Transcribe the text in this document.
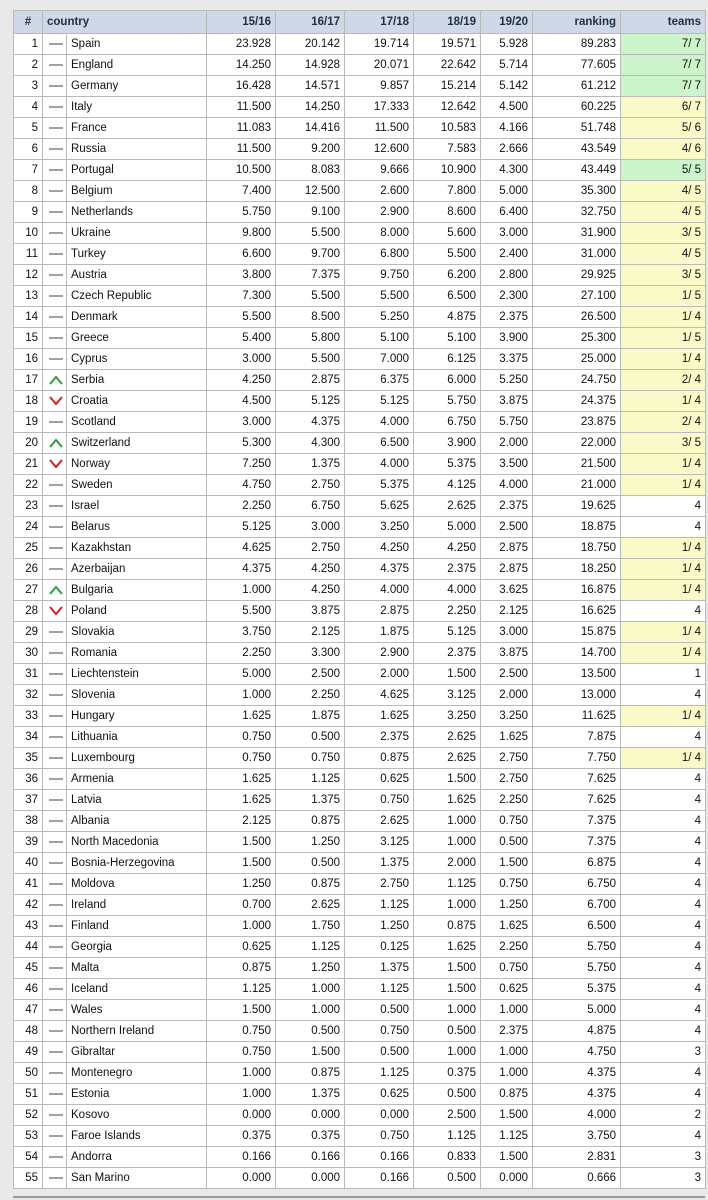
#	country		15/16	16/17	17/18	18/19	19/20	ranking	teams
1		Spain	23.928	20.142	19.714	19.571	5.928	89.283	7/ 7
2		England	14.250	14.928	20.071	22.642	5.714	77.605	7/ 7
3		Germany	16.428	14.571	9.857	15.214	5.142	61.212	7/ 7
4		Italy	11.500	14.250	17.333	12.642	4.500	60.225	6/ 7
5		France	11.083	14.416	11.500	10.583	4.166	51.748	5/ 6
6		Russia	11.500	9.200	12.600	7.583	2.666	43.549	4/ 6
7		Portugal	10.500	8.083	9.666	10.900	4.300	43.449	5/ 5
8		Belgium	7.400	12.500	2.600	7.800	5.000	35.300	4/ 5
9		Netherlands	5.750	9.100	2.900	8.600	6.400	32.750	4/ 5
10		Ukraine	9.800	5.500	8.000	5.600	3.000	31.900	3/ 5
11		Turkey	6.600	9.700	6.800	5.500	2.400	31.000	4/ 5
12		Austria	3.800	7.375	9.750	6.200	2.800	29.925	3/ 5
13		Czech Republic	7.300	5.500	5.500	6.500	2.300	27.100	1/ 5
14		Denmark	5.500	8.500	5.250	4.875	2.375	26.500	1/ 4
15		Greece	5.400	5.800	5.100	5.100	3.900	25.300	1/ 5
16		Cyprus	3.000	5.500	7.000	6.125	3.375	25.000	1/ 4
17		Serbia	4.250	2.875	6.375	6.000	5.250	24.750	2/ 4
18		Croatia	4.500	5.125	5.125	5.750	3.875	24.375	1/ 4
19		Scotland	3.000	4.375	4.000	6.750	5.750	23.875	2/ 4
20		Switzerland	5.300	4.300	6.500	3.900	2.000	22.000	3/ 5
21		Norway	7.250	1.375	4.000	5.375	3.500	21.500	1/ 4
22		Sweden	4.750	2.750	5.375	4.125	4.000	21.000	1/ 4
23		Israel	2.250	6.750	5.625	2.625	2.375	19.625	4
24		Belarus	5.125	3.000	3.250	5.000	2.500	18.875	4
25		Kazakhstan	4.625	2.750	4.250	4.250	2.875	18.750	1/ 4
26		Azerbaijan	4.375	4.250	4.375	2.375	2.875	18.250	1/ 4
27		Bulgaria	1.000	4.250	4.000	4.000	3.625	16.875	1/ 4
28		Poland	5.500	3.875	2.875	2.250	2.125	16.625	4
29		Slovakia	3.750	2.125	1.875	5.125	3.000	15.875	1/ 4
30		Romania	2.250	3.300	2.900	2.375	3.875	14.700	1/ 4
31		Liechtenstein	5.000	2.500	2.000	1.500	2.500	13.500	1
32		Slovenia	1.000	2.250	4.625	3.125	2.000	13.000	4
33		Hungary	1.625	1.875	1.625	3.250	3.250	11.625	1/ 4
34		Lithuania	0.750	0.500	2.375	2.625	1.625	7.875	4
35		Luxembourg	0.750	0.750	0.875	2.625	2.750	7.750	1/ 4
36		Armenia	1.625	1.125	0.625	1.500	2.750	7.625	4
37		Latvia	1.625	1.375	0.750	1.625	2.250	7.625	4
38		Albania	2.125	0.875	2.625	1.000	0.750	7.375	4
39		North Macedonia	1.500	1.250	3.125	1.000	0.500	7.375	4
40		Bosnia-Herzegovina	1.500	0.500	1.375	2.000	1.500	6.875	4
41		Moldova	1.250	0.875	2.750	1.125	0.750	6.750	4
42		Ireland	0.700	2.625	1.125	1.000	1.250	6.700	4
43		Finland	1.000	1.750	1.250	0.875	1.625	6.500	4
44		Georgia	0.625	1.125	0.125	1.625	2.250	5.750	4
45		Malta	0.875	1.250	1.375	1.500	0.750	5.750	4
46		Iceland	1.125	1.000	1.125	1.500	0.625	5.375	4
47		Wales	1.500	1.000	0.500	1.000	1.000	5.000	4
48		Northern Ireland	0.750	0.500	0.750	0.500	2.375	4.875	4
49		Gibraltar	0.750	1.500	0.500	1.000	1.000	4.750	3
50		Montenegro	1.000	0.875	1.125	0.375	1.000	4.375	4
51		Estonia	1.000	1.375	0.625	0.500	0.875	4.375	4
52		Kosovo	0.000	0.000	0.000	2.500	1.500	4.000	2
53		Faroe Islands	0.375	0.375	0.750	1.125	1.125	3.750	4
54		Andorra	0.166	0.166	0.166	0.833	1.500	2.831	3
55		San Marino	0.000	0.000	0.166	0.500	0.000	0.666	3
